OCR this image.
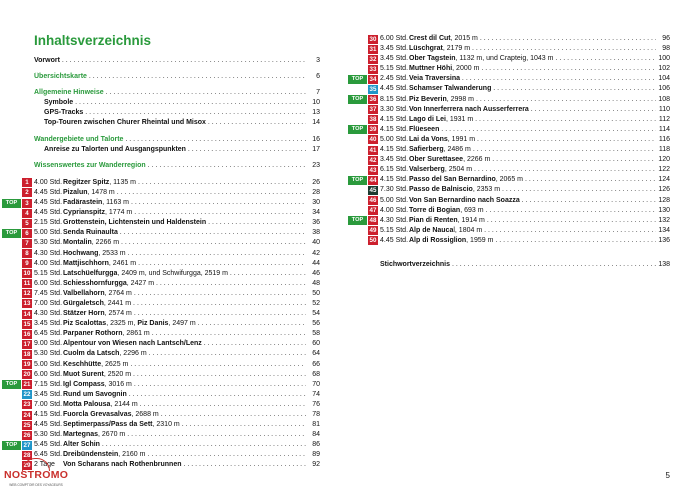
Inhaltsverzeichnis
Vorwort . . .	3
Übersichtskarte . . .	6
Allgemeine Hinweise . . .	7
Symbole . . .	10
GPS-Tracks . . .	13
Top-Touren zwischen Churer Rheintal und Misox . . .	14
Wandergebiete und Talorte . . .	16
Anreise zu Talorten und Ausgangspunkten . . .	17
Wissenswertes zur Wanderregion . . .	23
1 4.00 Std.Regitzer Spitz, 1135 m . . .	26
2 4.45 Std.Pizalun, 1478 m . . .	28
TOP	3 4.45 Std.Fadärastein, 1163 m . . .	30
4 4.45 Std.Cyprianspitz, 1774 m . . .	34
5 2.15 Std.Grottenstein, Lichtenstein und Haldenstein . . .	36
TOP	6 5.00 Std.Senda Ruinaulta . . .	38
7 5.30 Std.Montalin, 2266 m . . .	40
8 4.30 Std.Hochwang, 2533 m . . .	42
9 4.00 Std.Mattjischhorn, 2461 m . . .	44
10 5.15 Std.Latschüelfurgga, 2409 m, und Schwifurgga, 2519 m . . .	46
11 6.00 Std.Schiesshornfurgga, 2427 m . . .	48
12 7.45 Std.Valbellahorn, 2764 m . . .	50
13 7.00 Std.Gürgaletsch, 2441 m . . .	52
14 4.30 Std.Stätzer Horn, 2574 m . . .	54
15 3.45 Std.Piz Scalottas, 2325 m, Piz Danis, 2497 m . . .	56
16 6.45 Std.Parpaner Rothorn, 2861 m . . .	58
17 9.00 Std.Alpentour von Wiesen nach Lantsch/Lenz . . .	60
18 5.30 Std.Cuolm da Latsch, 2296 m . . .	64
19 5.00 Std.Keschhütte, 2625 m . . .	66
20 6.00 Std.Muot Surent, 2520 m . . .	68
TOP	21 7.15 Std.Igl Compass, 3016 m . . .	70
22 3.45 Std.Rund um Savognin . . .	74
23 7.00 Std.Motta Palousa, 2144 m . . .	76
24 4.15 Std.Fuorcla Grevasalvas, 2688 m . . .	78
25 4.45 Std.Septimerpass/Pass da Sett, 2310 m . . .	81
26 5.30 Std.Martegnas, 2670 m . . .	84
TOP	27 5.45 Std.Alter Schin . . .	86
28 6.45 Std.Dreibündenstein, 2160 m . . .	89
29 2 Tage Von Scharans nach Rothenbrunnen . . .	92
30 6.00 Std.Crest dil Cut, 2015 m . . .	96
31 3.45 Std.Lüschgrat, 2179 m . . .	98
32 3.45 Std.Ober Tagstein, 1132 m, und Crapteig, 1043 m . . .	100
33 5.15 Std.Muttner Höhi, 2000 m . . .	102
TOP	34 2.45 Std.Veia Traversina . . .	104
35 4.45 Std.Schamser Talwanderung . . .	106
TOP	36 8.15 Std.Piz Beverin, 2998 m . . .	108
37 3.30 Std.Von Innerferrera nach Ausserferrera . . .	110
38 4.15 Std.Lago di Lei, 1931 m . . .	112
TOP	39 4.15 Std.Flüeseen . . .	114
40 5.00 Std.Lai da Vons, 1991 m . . .	116
41 4.15 Std.Safierberg, 2486 m . . .	118
42 3.45 Std.Ober Surettasee, 2266 m . . .	120
43 6.15 Std.Valserberg, 2504 m . . .	122
TOP	44 4.15 Std.Passo del San Bernardino, 2065 m . . .	124
45 7.30 Std.Passo de Balniscio, 2353 m . . .	126
46 5.00 Std.Von San Bernardino nach Soazza . . .	128
47 4.00 Std.Torre di Bogian, 693 m . . .	130
TOP	48 4.30 Std.Pian di Renten, 1914 m . . .	132
49 5.15 Std.Alp de Naucal, 1804 m . . .	134
50 4.45 Std.Alp di Rossiglion, 1959 m . . .	136
Stichwortverzeichnis . . .	138
5
NOSTROMO
WEB COMPTOIR DES VOYAGEURS
